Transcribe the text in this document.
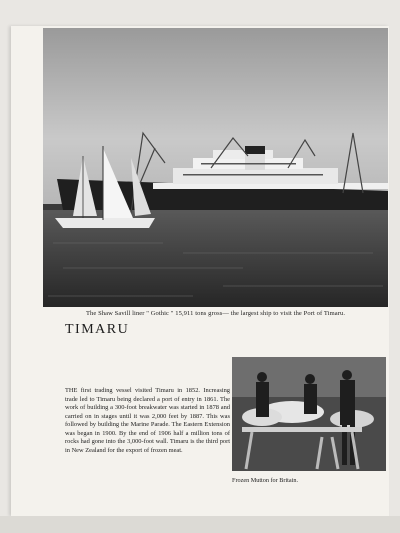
The Shaw Savill liner " Gothic " 15,911 tons gross— the largest ship to visit the Port of Timaru.
TIMARU
THE first trading vessel visited Timaru in 1852. Increasing trade led to Timaru being declared a port of entry in 1861. The work of building a 300-foot breakwater was started in 1878 and carried on in stages until it was 2,000 feet by 1887. This was followed by building the Marine Parade. The Eastern Extension was began in 1900. By the end of 1906 half a million tons of rocks had gone into the 3,000-foot wall. Timaru is the third port in New Zealand for the export of frozen meat.
Frozen Mutton for Britain.
